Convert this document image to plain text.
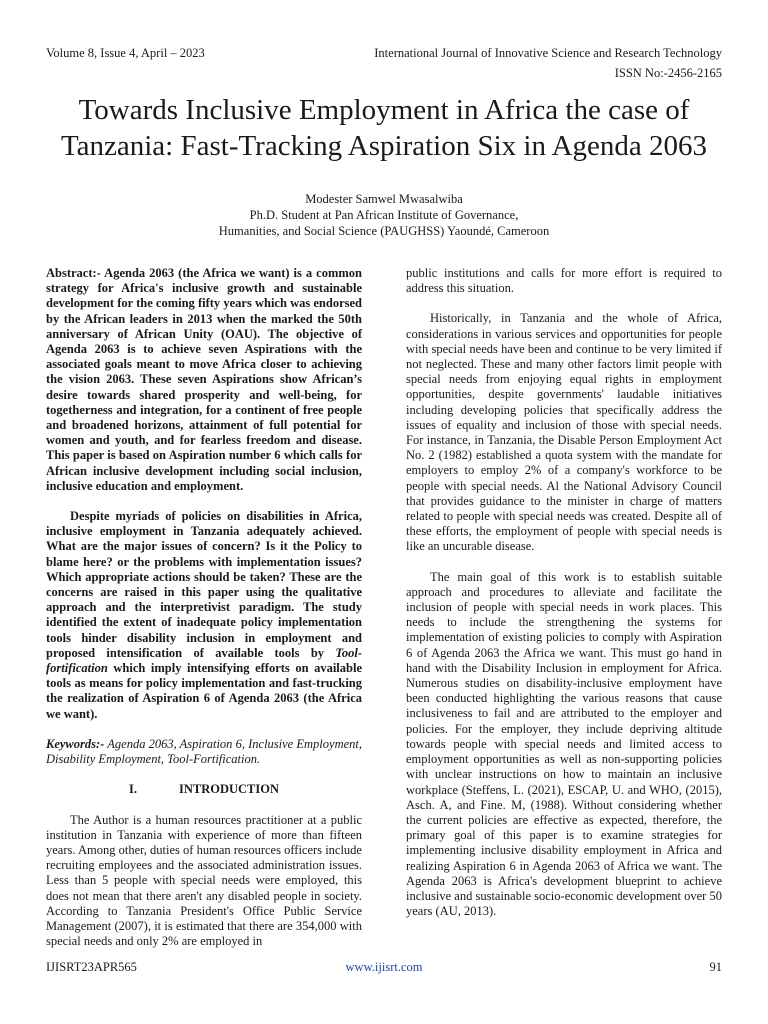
Volume 8, Issue 4, April – 2023	International Journal of Innovative Science and Research Technology
ISSN No:-2456-2165
Towards Inclusive Employment in Africa the case of Tanzania: Fast-Tracking Aspiration Six in Agenda 2063
Modester Samwel Mwasalwiba
Ph.D. Student at Pan African Institute of Governance,
Humanities, and Social Science (PAUGHSS) Yaoundé, Cameroon

Abstract:- Agenda 2063 (the Africa we want) is a common strategy for Africa's inclusive growth and sustainable development for the coming fifty years which was endorsed by the African leaders in 2013 when the marked the 50th anniversary of African Unity (OAU). The objective of Agenda 2063 is to achieve seven Aspirations with the associated goals meant to move Africa closer to achieving the vision 2063. These seven Aspirations show African’s desire towards shared prosperity and well-being, for togetherness and integration, for a continent of free people and broadened horizons, attainment of full potential for women and youth, and for fearless freedom and disease. This paper is based on Aspiration number 6 which calls for African inclusive development including social inclusion, inclusive education and employment.

Despite myriads of policies on disabilities in Africa, inclusive employment in Tanzania adequately achieved. What are the major issues of concern? Is it the Policy to blame here? or the problems with implementation issues? Which appropriate actions should be taken? These are the concerns are raised in this paper using the qualitative approach and the interpretivist paradigm. The study identified the extent of inadequate policy implementation tools hinder disability inclusion in employment and proposed intensification of available tools by Tool-fortification which imply intensifying efforts on available tools as means for policy implementation and fast-trucking the realization of Aspiration 6 of Agenda 2063 (the Africa we want).

Keywords:- Agenda 2063, Aspiration 6, Inclusive Employment, Disability Employment, Tool-Fortification.

I.	INTRODUCTION

The Author is a human resources practitioner at a public institution in Tanzania with experience of more than fifteen years. Among other, duties of human resources officers include recruiting employees and the associated administration issues. Less than 5 people with special needs were employed, this does not mean that there aren't any disabled people in society. According to Tanzania President's Office Public Service Management (2007), it is estimated that there are 354,000 with special needs and only 2% are employed in

public institutions and calls for more effort is required to address this situation.

Historically, in Tanzania and the whole of Africa, considerations in various services and opportunities for people with special needs have been and continue to be very limited if not neglected. These and many other factors limit people with special needs from enjoying equal rights in employment opportunities, despite governments' laudable initiatives including developing policies that specifically address the issues of equality and inclusion of those with special needs. For instance, in Tanzania, the Disable Person Employment Act No. 2 (1982) established a quota system with the mandate for employers to employ 2% of a company's workforce to be people with special needs. Al the National Advisory Council that provides guidance to the minister in charge of matters related to people with special needs was created. Despite all of these efforts, the employment of people with special needs is like an uncurable disease.

The main goal of this work is to establish suitable approach and procedures to alleviate and facilitate the inclusion of people with special needs in work places. This needs to include the strengthening the systems for implementation of existing policies to comply with Aspiration 6 of Agenda 2063 the Africa we want. This must go hand in hand with the Disability Inclusion in employment for Africa. Numerous studies on disability-inclusive employment have been conducted highlighting the various reasons that cause inclusiveness to fail and are attributed to the employer and policies. For the employer, they include depriving altitude towards people with special needs and limited access to employment opportunities as well as non-supporting policies with unclear instructions on how to maintain an inclusive workplace (Steffens, L. (2021), ESCAP, U. and WHO, (2015), Asch. A, and Fine. M, (1988). Without considering whether the current policies are effective as expected, therefore, the primary goal of this paper is to examine strategies for implementing inclusive disability employment in Africa and realizing Aspiration 6 in Agenda 2063 of Africa we want. The Agenda 2063 is Africa's development blueprint to achieve inclusive and sustainable socio-economic development over 50 years (AU, 2013).

IJISRT23APR565	www.ijisrt.com	91
